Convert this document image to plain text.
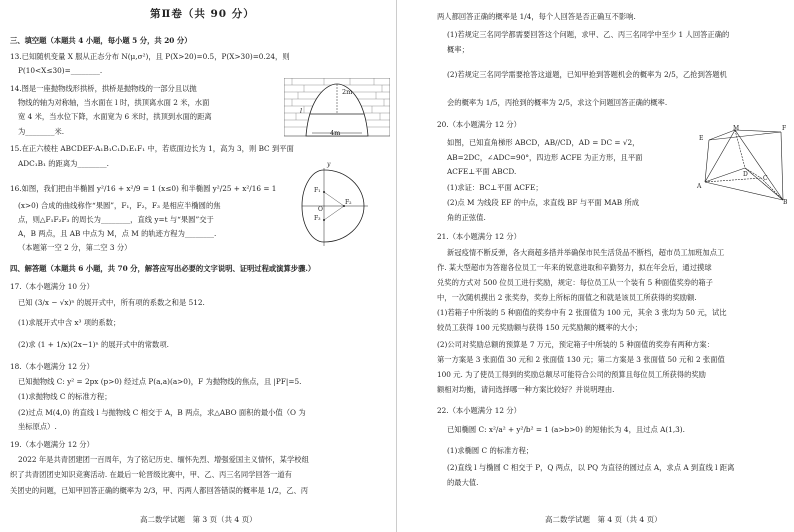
第Ⅱ卷（共 90 分）
三、填空题（本题共 4 小题，每小题 5 分，共 20 分）
13.已知随机变量 X 服从正态分布 N(μ,σ²)，且 P(X>20)=0.5，P(X>30)=0.24，则
P(10<X≤30)=________.
14.图是一座抛物线形拱桥，拱桥是抛物线的一部分且以抛
物线的轴为对称轴，当水面在 l 时，拱顶离水面 2 米，水面
宽 4 米，当水位下降，水面宽为 6 米时，拱顶到水面的距离
为________米.
2m
l
4m
15.在正六棱柱 ABCDEF-A₁B₁C₁D₁E₁F₁ 中，若底面边长为 1，高为 3，则 BC 到平面
ADC₁B₁ 的距离为________.
16.如图，我们把由半椭圆 y²/16 + x²/9 = 1 (x≤0) 和半椭圆 y²/25 + x²/16 = 1
(x>0) 合成的曲线称作“果圆”，F₁，F₂，F₃ 是相应半椭圆的焦
点，则△F₁F₂F₃ 的周长为________，直线 y=t 与“果圆”交于
A，B 两点，且 AB 中点为 M，点 M 的轨迹方程为________.
（本题第一空 2 分，第二空 3 分）
y
F₁
F₂
F₃
O
四、解答题（本题共 6 小题，共 70 分，解答应写出必要的文字说明、证明过程或演算步骤.）
17.（本小题满分 10 分）
已知 (3/x − √x)ⁿ 的展开式中，所有项的系数之和是 512.
(1)求展开式中含 x³ 项的系数；
(2)求 (1 + 1/x)(2x−1)ⁿ 的展开式中的常数项.
18.（本小题满分 12 分）
已知抛物线 C: y² = 2px (p>0) 经过点 P(a,a)(a>0)，F 为抛物线的焦点，且 |PF|=5.
(1)求抛物线 C 的标准方程；
(2)过点 M(4,0) 的直线 l 与抛物线 C 相交于 A，B 两点，求△ABO 面积的最小值（O 为
坐标原点）.
19.（本小题满分 12 分）
2022 年是共青团建团一百周年，为了铭记历史、缅怀先烈、增强爱国主义情怀，某学校组
织了共青团团史知识竞赛活动. 在最后一轮晋级比赛中，甲、乙、丙三名同学回答一道有
关团史的问题，已知甲回答正确的概率为 2/3，甲、丙两人都回答错误的概率是 1/2，乙、丙
高二数学试题　第 3 页（共 4 页）
两人都回答正确的概率是 1/4，每个人回答是否正确互不影响.
(1)若规定三名同学都需要回答这个问题，求甲、乙、丙三名同学中至少 1 人回答正确的
概率；
(2)若规定三名同学需要抢答这道题，已知甲抢到答题机会的概率为 2/5，乙抢到答题机
会的概率为 1/5，丙抢到的概率为 2/5，求这个问题回答正确的概率.
20.（本小题满分 12 分）
如图，已知直角梯形 ABCD，AB//CD，AD = DC = √2，
AB=2DC，∠ADC=90°，四边形 ACFE 为正方形，且平面
ACFE⊥平面 ABCD.
(1)求证：BC⊥平面 ACFE；
(2)点 M 为线段 EF 的中点，求直线 BF 与平面 MAB 所成
角的正弦值.
E
M	F
A
D
C
B
21.（本小题满分 12 分）
新冠疫情不断反弹，各大商超多措并举确保市民生活货品不断档，超市员工加班加点工
作. 某大型超市为答谢各位员工一年来的锐意进取和辛勤努力，拟在年会后，通过摸球
兑奖的方式对 500 位员工进行奖励，规定：每位员工从一个装有 5 种面值奖券的箱子
中，一次随机摸出 2 张奖券，奖券上所标的面值之和就是该员工所获得的奖励额.
(1)若箱子中所装的 5 种面值的奖券中有 2 张面值为 100 元，其余 3 张均为 50 元，试比
较员工获得 100 元奖励额与获得 150 元奖励额的概率的大小；
(2)公司对奖励总额的预算是 7 万元，预定箱子中所装的 5 种面值的奖券有两种方案：
第一方案是 3 张面值 30 元和 2 张面值 130 元；第二方案是 3 张面值 50 元和 2 张面值
100 元. 为了使员工得到的奖励总额尽可能符合公司的预算且每位员工所获得的奖励
额相对均衡，请问选择哪一种方案比较好？并说明理由.
22.（本小题满分 12 分）
已知椭圆 C: x²/a² + y²/b² = 1 (a>b>0) 的短轴长为 4，且过点 A(1,3).
(1)求椭圆 C 的标准方程；
(2)直线 l 与椭圆 C 相交于 P，Q 两点，以 PQ 为直径的圆过点 A，求点 A 到直线 l 距离
的最大值.
高二数学试题　第 4 页（共 4 页）
